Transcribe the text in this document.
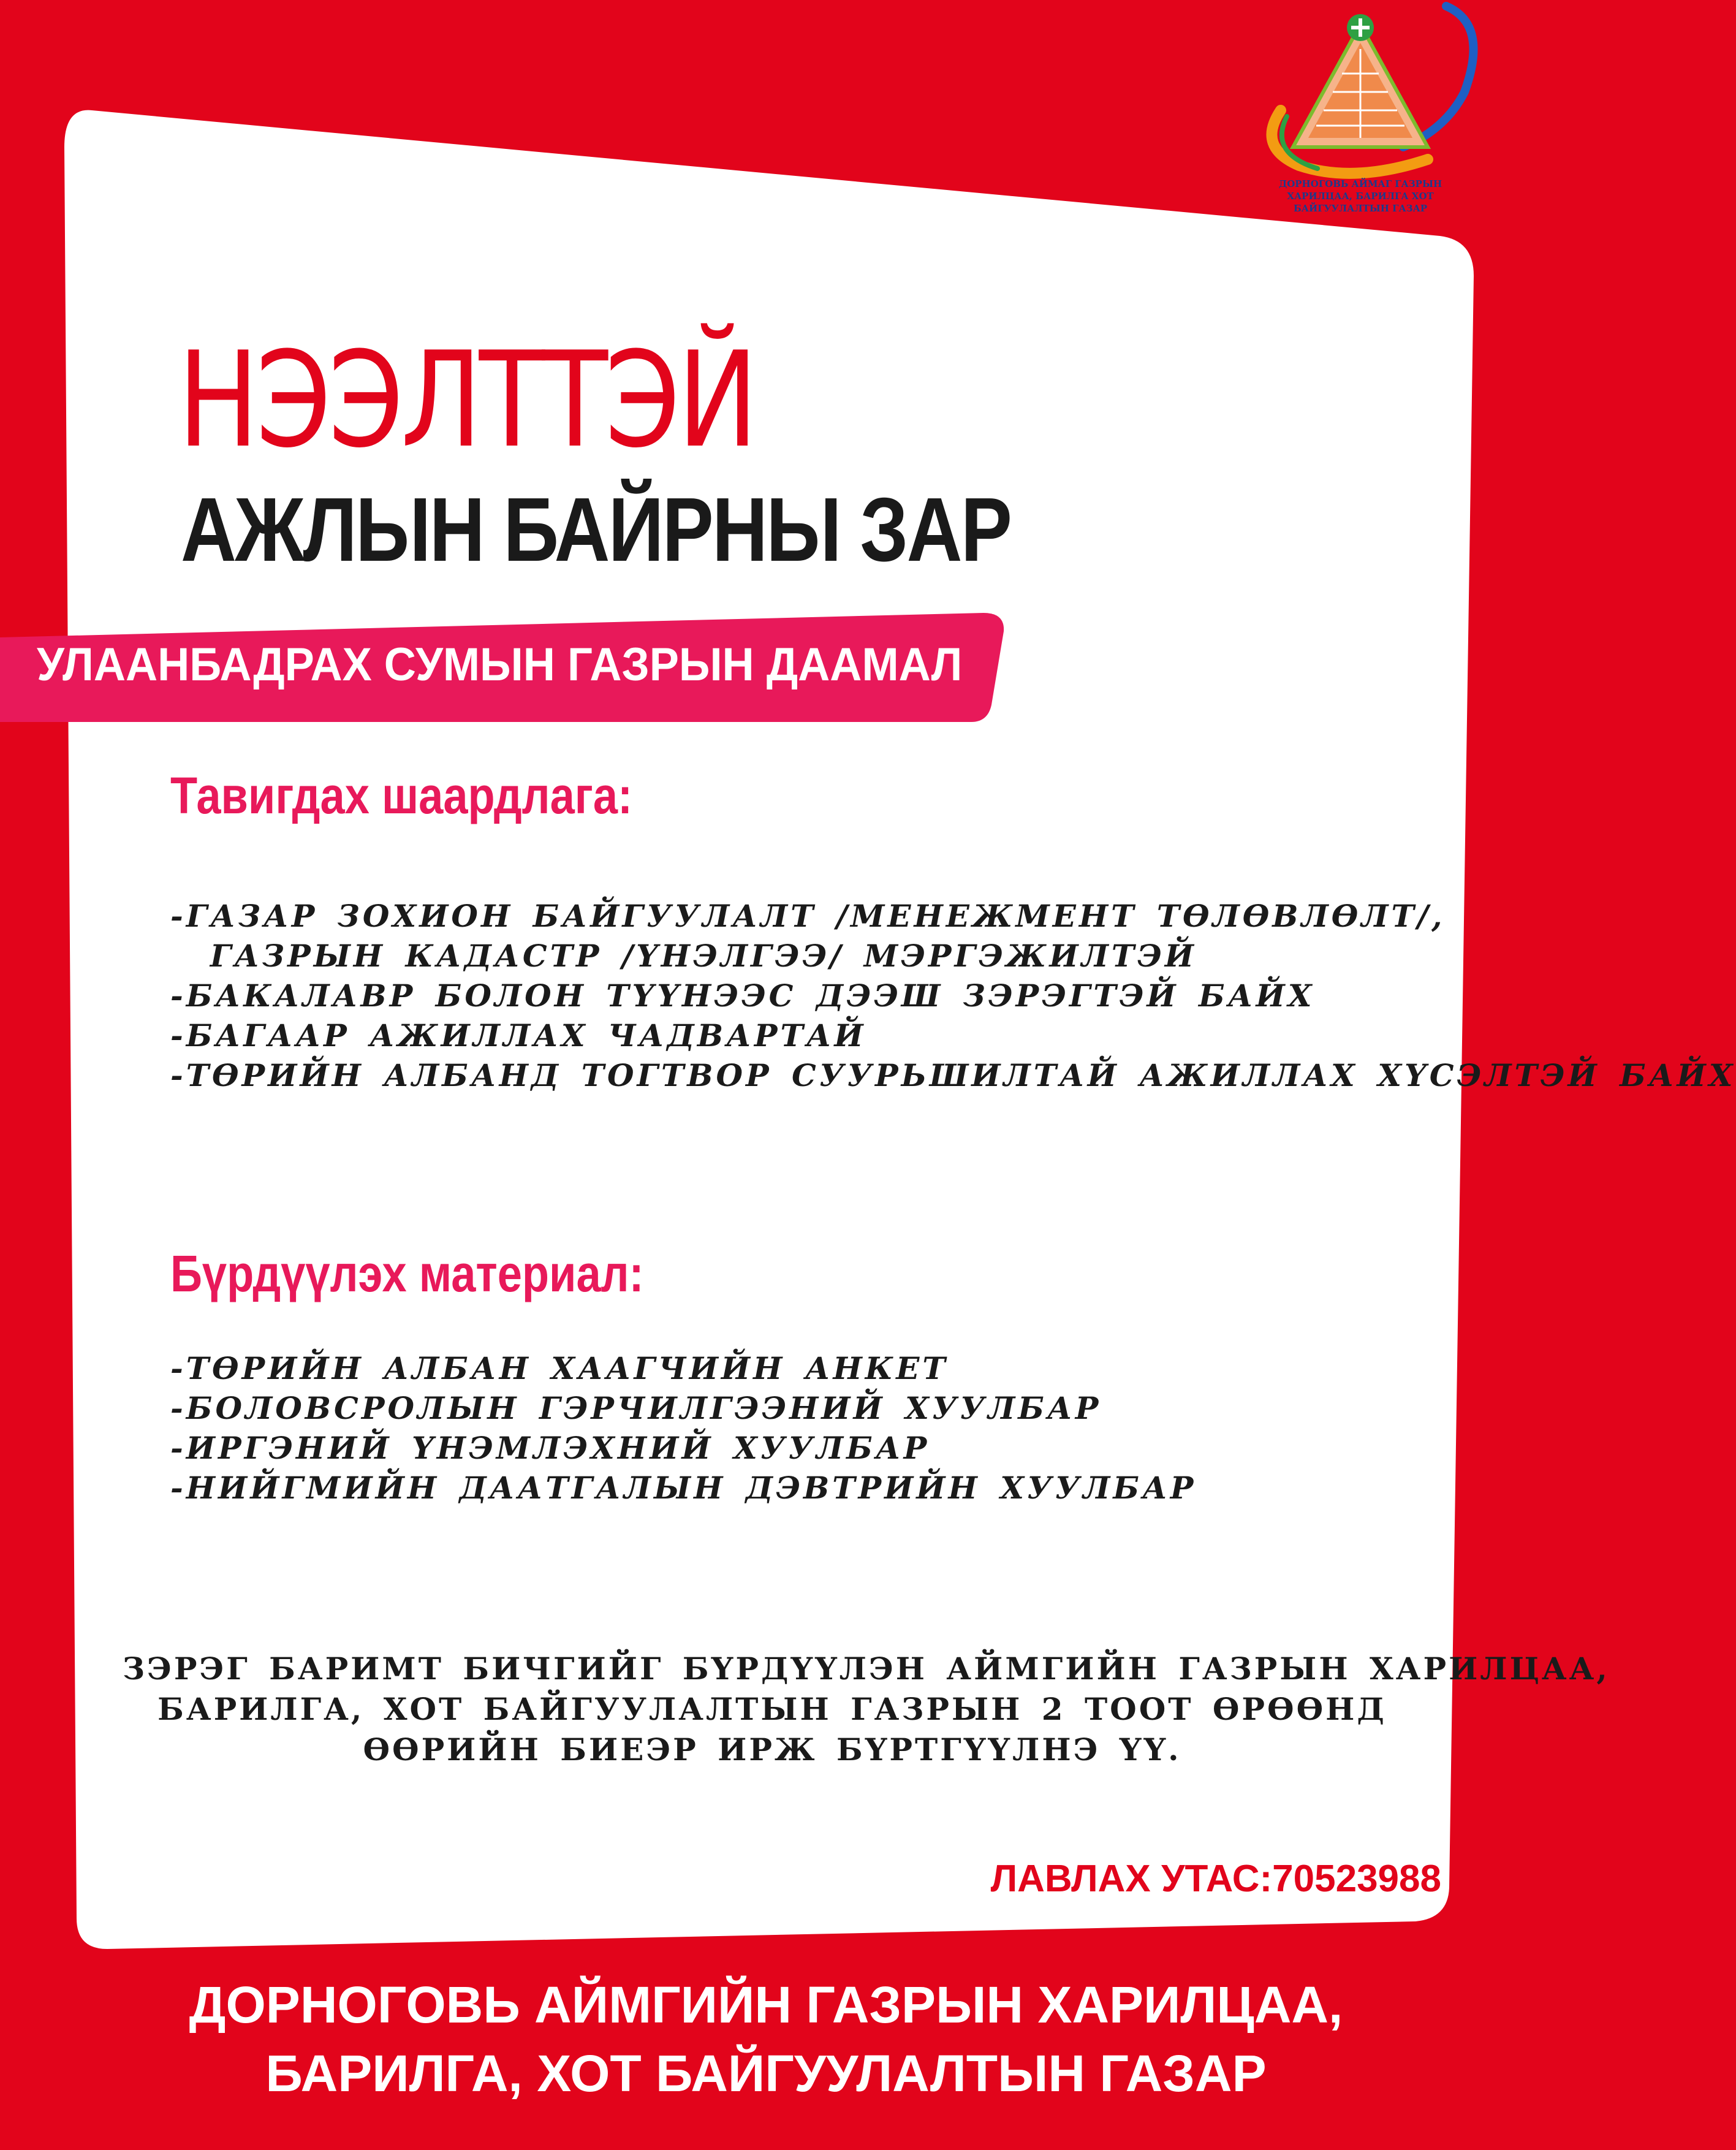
ДОРНОГОВЬ АЙМАГ ГАЗРЫН ХАРИЛЦАА, БАРИЛГА ХОТ БАЙГУУЛАЛТЫН ГАЗАР
НЭЭЛТТЭЙ
АЖЛЫН БАЙРНЫ ЗАР
УЛААНБАДРАХ СУМЫН ГАЗРЫН ДААМАЛ
Тавигдах шаардлага:
-ГАЗАР ЗОХИОН БАЙГУУЛАЛТ /МЕНЕЖМЕНТ ТӨЛӨВЛӨЛТ/,
ГАЗРЫН КАДАСТР /ҮНЭЛГЭЭ/ МЭРГЭЖИЛТЭЙ
-БАКАЛАВР БОЛОН ТҮҮНЭЭС ДЭЭШ ЗЭРЭГТЭЙ БАЙХ
-БАГААР АЖИЛЛАХ ЧАДВАРТАЙ
-ТӨРИЙН АЛБАНД ТОГТВОР СУУРЬШИЛТАЙ АЖИЛЛАХ ХҮСЭЛТЭЙ БАЙХ
Бүрдүүлэх материал:
-ТӨРИЙН АЛБАН ХААГЧИЙН АНКЕТ
-БОЛОВСРОЛЫН ГЭРЧИЛГЭЭНИЙ ХУУЛБАР
-ИРГЭНИЙ ҮНЭМЛЭХНИЙ ХУУЛБАР
-НИЙГМИЙН ДААТГАЛЫН ДЭВТРИЙН ХУУЛБАР

ЗЭРЭГ БАРИМТ БИЧГИЙГ БҮРДҮҮЛЭН АЙМГИЙН ГАЗРЫН ХАРИЛЦАА,
БАРИЛГА, ХОТ БАЙГУУЛАЛТЫН ГАЗРЫН 2 ТООТ ӨРӨӨНД
ӨӨРИЙН БИЕЭР ИРЖ БҮРТГҮҮЛНЭ ҮҮ.

ЛАВЛАХ УТАС:70523988

ДОРНОГОВЬ АЙМГИЙН ГАЗРЫН ХАРИЛЦАА,
БАРИЛГА, ХОТ БАЙГУУЛАЛТЫН ГАЗАР
